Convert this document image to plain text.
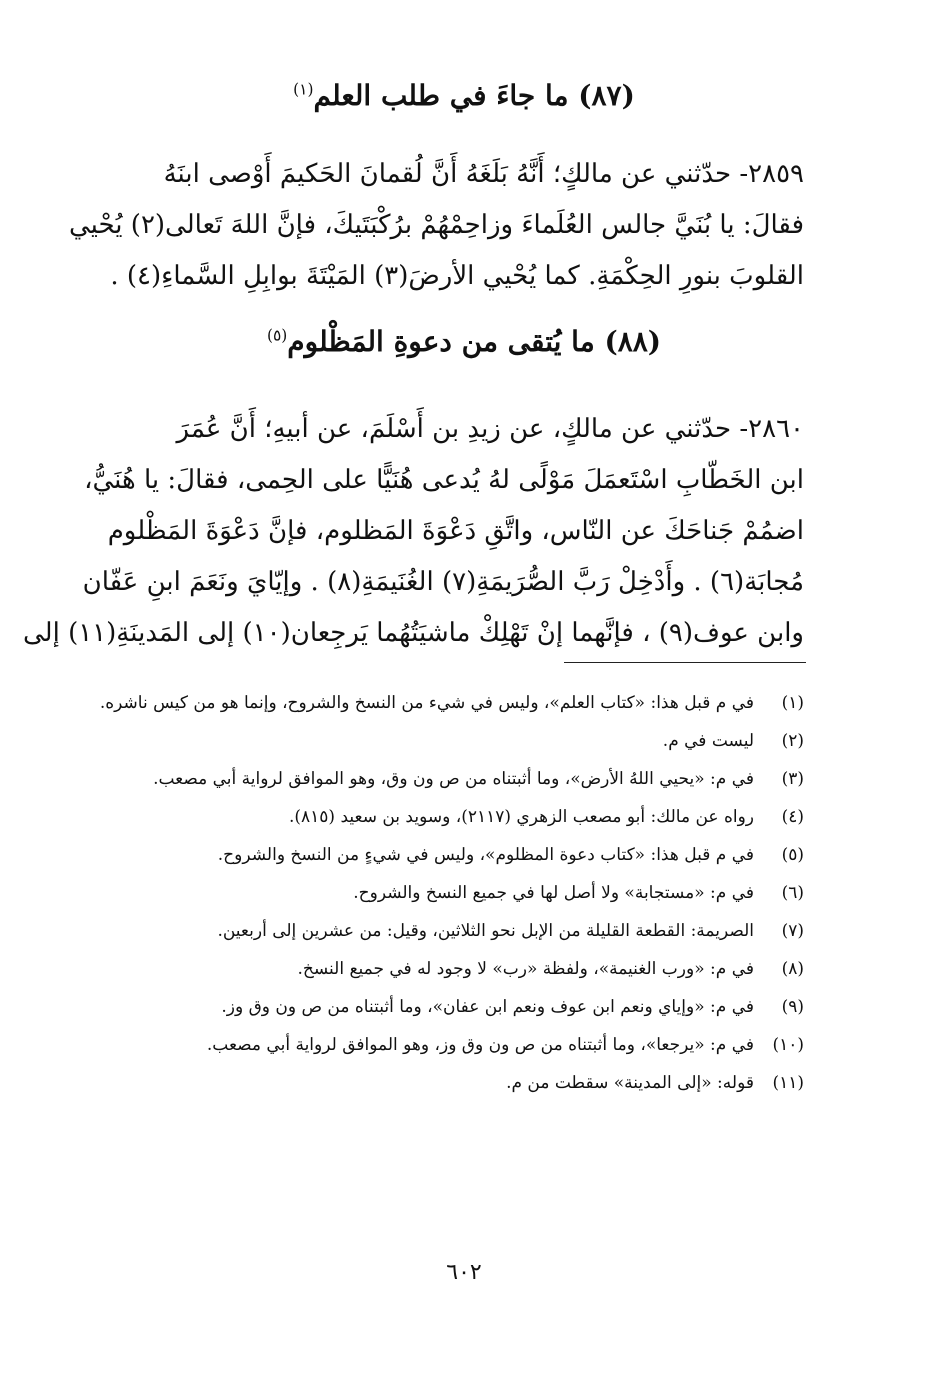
(٨٧) ما جاءَ في طلب العلم$^{(١)}$
٢٨٥٩- حدّثني عن مالكٍ؛ أَنَّهُ بَلَغَهُ أَنَّ لُقمانَ الحَكيمَ أَوْصى ابنَهُ
فقالَ: يا بُنَيَّ جالس العُلَماءَ وزاحِمْهُمْ برُكْبَتَيكَ، فإنَّ اللهَ تَعالى(٢) يُحْيي
القلوبَ بنورِ الحِكْمَةِ. كما يُحْيي الأرضَ(٣) المَيْتَةَ بوابِلِ السَّماءِ(٤) .
(٨٨) ما يُتقى من دعوةِ المَظْلوم$^{(٥)}$
٢٨٦٠- حدّثني عن مالكٍ، عن زيدِ بن أَسْلَمَ، عن أبيهِ؛ أَنَّ عُمَرَ
ابن الخَطّابِ اسْتَعمَلَ مَوْلًى لهُ يُدعى هُنَيًّا على الحِمى، فقالَ: يا هُنَيُّ،
اضمُمْ جَناحَكَ عن النّاس، واتَّقِ دَعْوَةَ المَظلوم، فإنَّ دَعْوَةَ المَظْلوم
مُجابَة(٦) . وأَدْخِلْ رَبَّ الصُّرَيمَةِ(٧) الغُنَيمَةِ(٨) . وإيّايَ ونَعَمَ ابنِ عَفّان
وابن عوف(٩) ، فإنَّهما إنْ تَهْلِكْ ماشيَتُهُما يَرجِعان(١٠) إلى المَدينَةِ(١١) إلى
(١)
في م قبل هذا: «كتاب العلم»، وليس في شيء من النسخ والشروح، وإنما هو من كيس ناشره.
(٢)
ليست في م.
(٣)
في م: «يحيي اللهُ الأرض»، وما أثبتناه من ص ون وق، وهو الموافق لرواية أبي مصعب.
(٤)
رواه عن مالك: أبو مصعب الزهري (٢١١٧)، وسويد بن سعيد (٨١٥).
(٥)
في م قبل هذا: «كتاب دعوة المظلوم»، وليس في شيءٍ من النسخ والشروح.
(٦)
في م: «مستجابة» ولا أصل لها في جميع النسخ والشروح.
(٧)
الصريمة: القطعة القليلة من الإبل نحو الثلاثين، وقيل: من عشرين إلى أربعين.
(٨)
في م: «ورب الغنيمة»، ولفظة «رب» لا وجود له في جميع النسخ.
(٩)
في م: «وإياي ونعم ابن عوف ونعم ابن عفان»، وما أثبتناه من ص ون وق وز.
(١٠)
في م: «يرجعا»، وما أثبتناه من ص ون وق وز، وهو الموافق لرواية أبي مصعب.
(١١)
قوله: «إلى المدينة» سقطت من م.
٦٠٢
